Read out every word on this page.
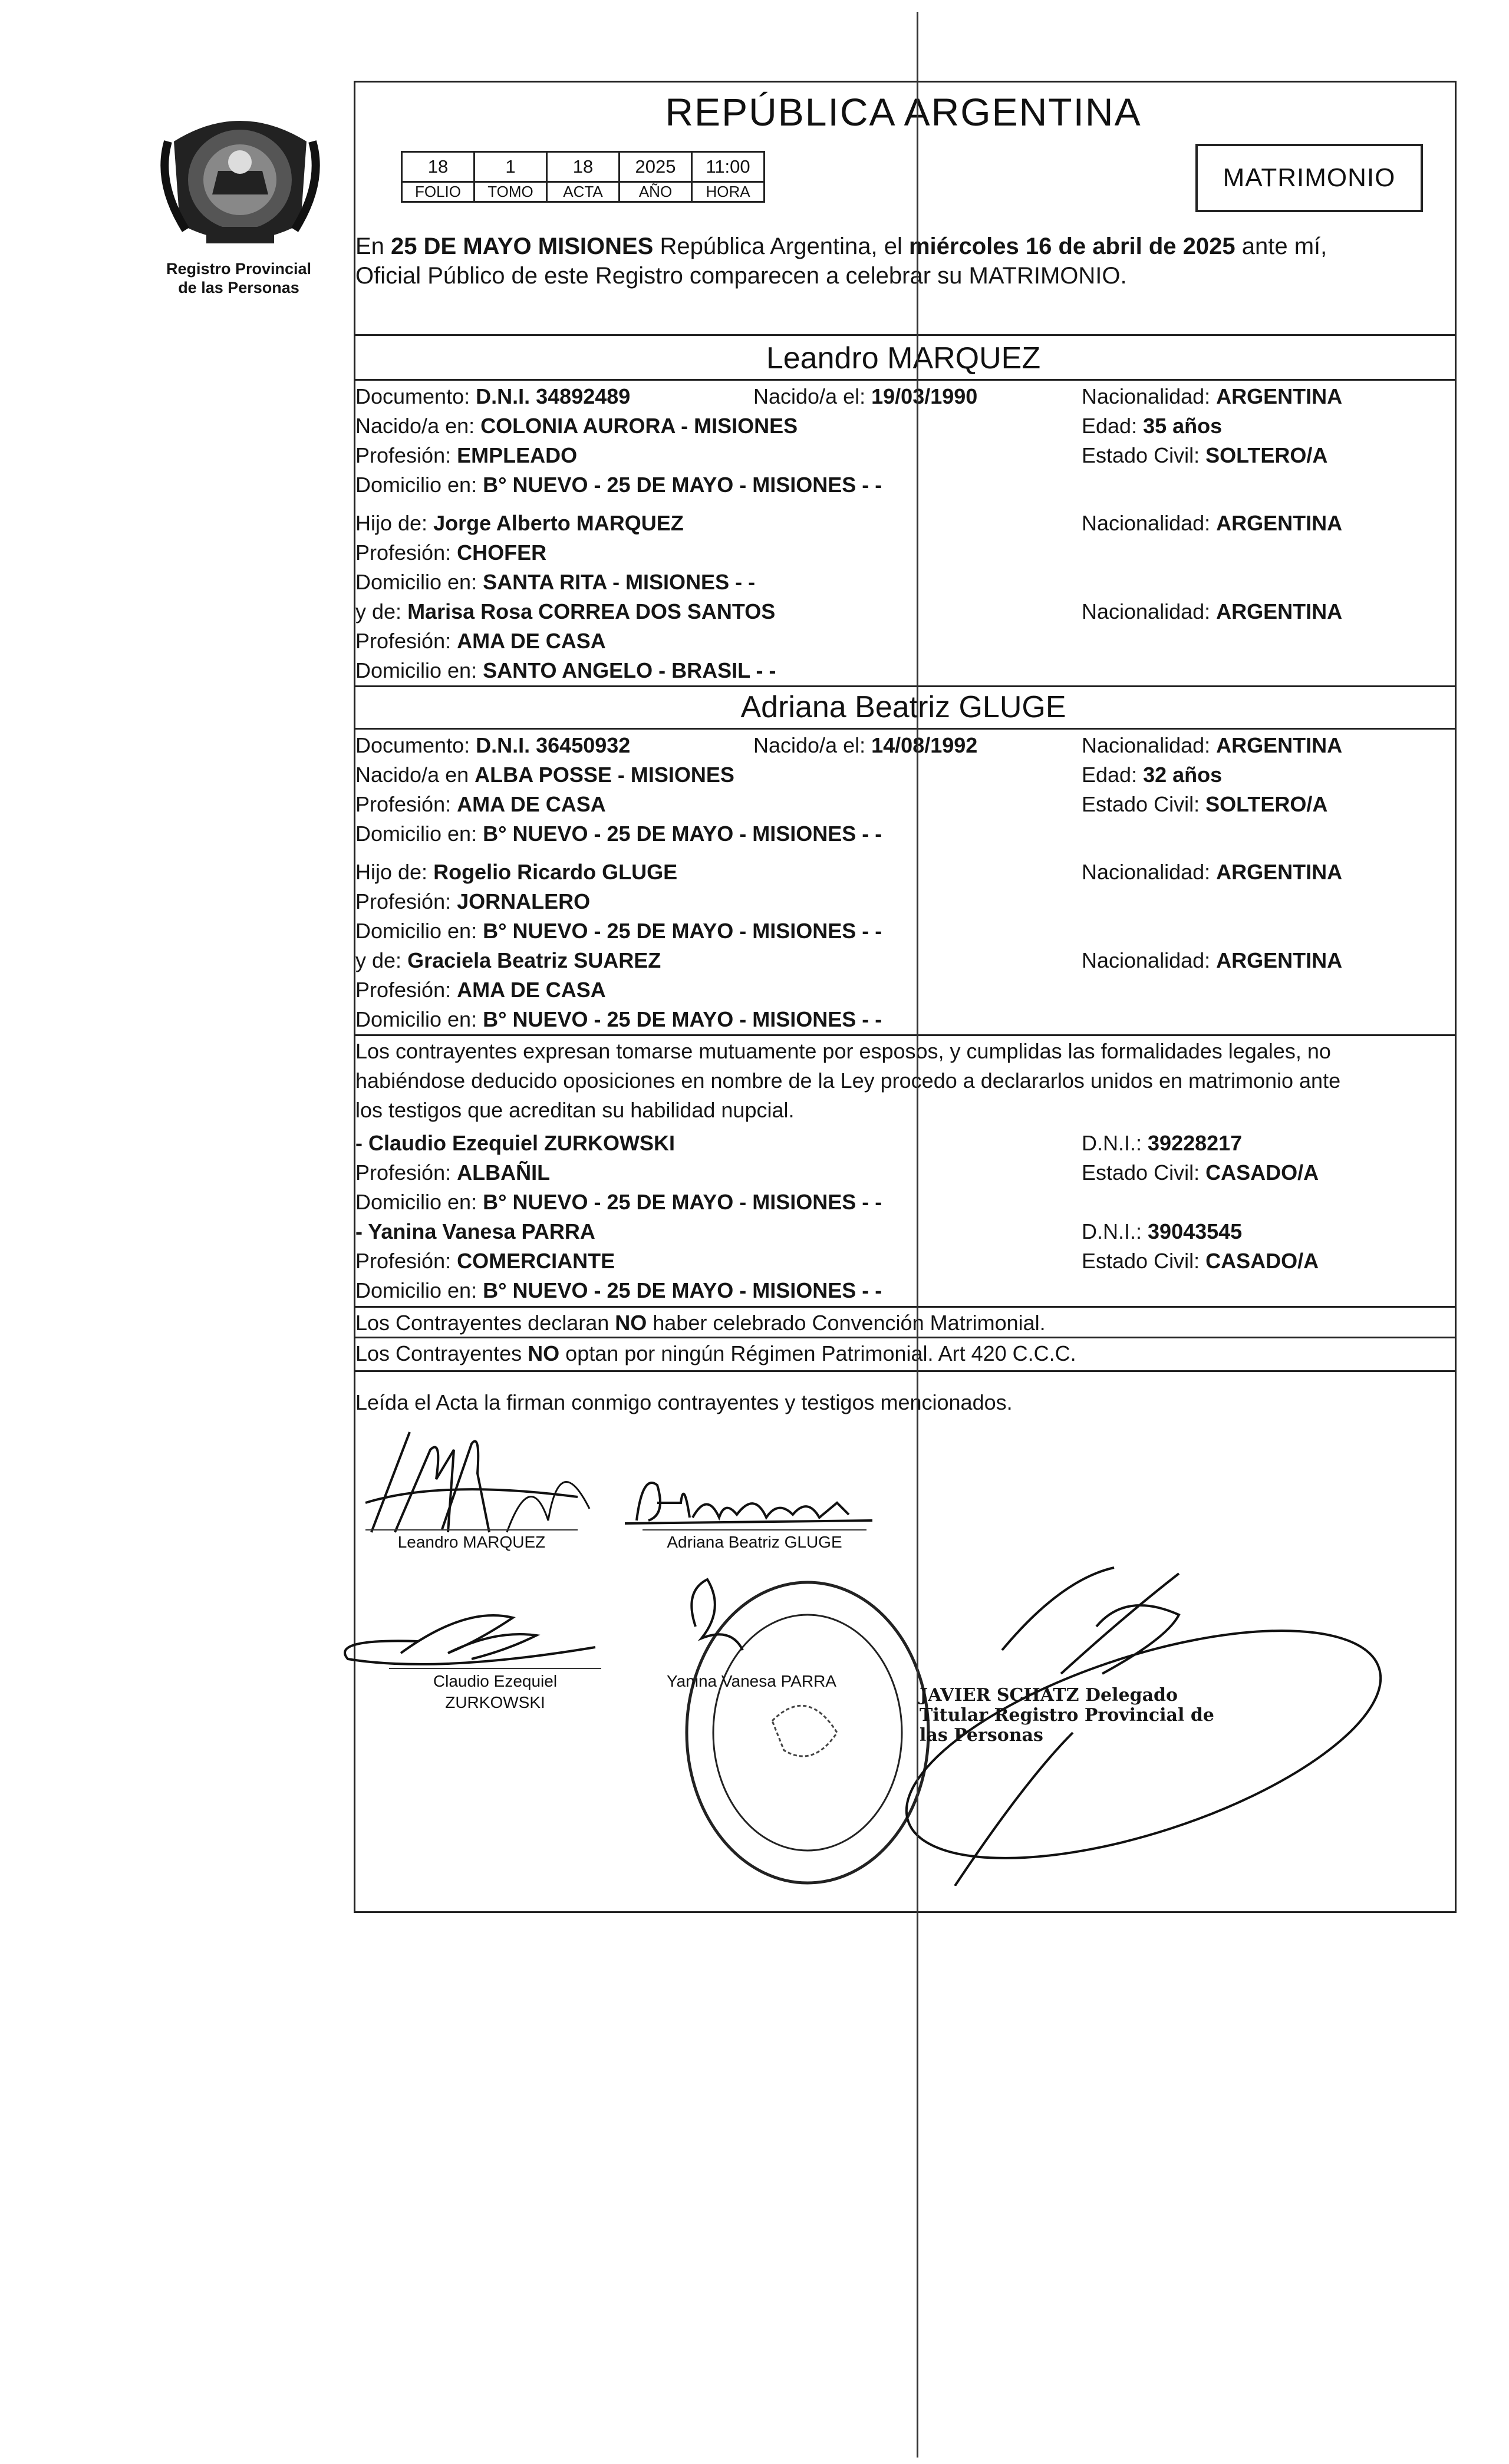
Registro Provincial
de las Personas
REPÚBLICA ARGENTINA
18	1	18	2025	11:00
FOLIO	TOMO	ACTA	AÑO	HORA	MATRIMONIO
En 25 DE MAYO MISIONES República Argentina, el miércoles 16 de abril de 2025 ante mí,
Oficial Público de este Registro comparecen a celebrar su MATRIMONIO.
Leandro MARQUEZ
Documento: D.N.I. 34892489	Nacido/a el: 19/03/1990	Nacionalidad: ARGENTINA
Nacido/a en: COLONIA AURORA - MISIONES	Edad: 35 años
Profesión: EMPLEADO	Estado Civil: SOLTERO/A
Domicilio en: B° NUEVO - 25 DE MAYO - MISIONES - -
Hijo de: Jorge Alberto MARQUEZ	Nacionalidad: ARGENTINA
Profesión: CHOFER
Domicilio en: SANTA RITA - MISIONES - -
y de: Marisa Rosa CORREA DOS SANTOS	Nacionalidad: ARGENTINA
Profesión: AMA DE CASA
Domicilio en: SANTO ANGELO - BRASIL - -
Adriana Beatriz GLUGE
Documento: D.N.I. 36450932	Nacido/a el: 14/08/1992	Nacionalidad: ARGENTINA
Nacido/a en ALBA POSSE - MISIONES	Edad: 32 años
Profesión: AMA DE CASA	Estado Civil: SOLTERO/A
Domicilio en: B° NUEVO - 25 DE MAYO - MISIONES - -
Hijo de: Rogelio Ricardo GLUGE	Nacionalidad: ARGENTINA
Profesión: JORNALERO
Domicilio en: B° NUEVO - 25 DE MAYO - MISIONES - -
y de: Graciela Beatriz SUAREZ	Nacionalidad: ARGENTINA
Profesión: AMA DE CASA
Domicilio en: B° NUEVO - 25 DE MAYO - MISIONES - -
Los contrayentes expresan tomarse mutuamente por esposos, y cumplidas las formalidades legales, no
habiéndose deducido oposiciones en nombre de la Ley procedo a declararlos unidos en matrimonio ante
los testigos que acreditan su habilidad nupcial.
- Claudio Ezequiel ZURKOWSKI	D.N.I.: 39228217
Profesión: ALBAÑIL	Estado Civil: CASADO/A
Domicilio en: B° NUEVO - 25 DE MAYO - MISIONES - -
- Yanina Vanesa PARRA	D.N.I.: 39043545
Profesión: COMERCIANTE	Estado Civil: CASADO/A
Domicilio en: B° NUEVO - 25 DE MAYO - MISIONES - -
Los Contrayentes declaran NO haber celebrado Convención Matrimonial.
Los Contrayentes NO optan por ningún Régimen Patrimonial. Art 420 C.C.C.
Leída el Acta la firman conmigo contrayentes y testigos mencionados.
Leandro MARQUEZ	Adriana Beatriz GLUGE
Claudio Ezequiel
ZURKOWSKI
Yanina Vanesa PARRA
JAVIER SCHATZ Delegado Titular Registro Provincial de las Personas
